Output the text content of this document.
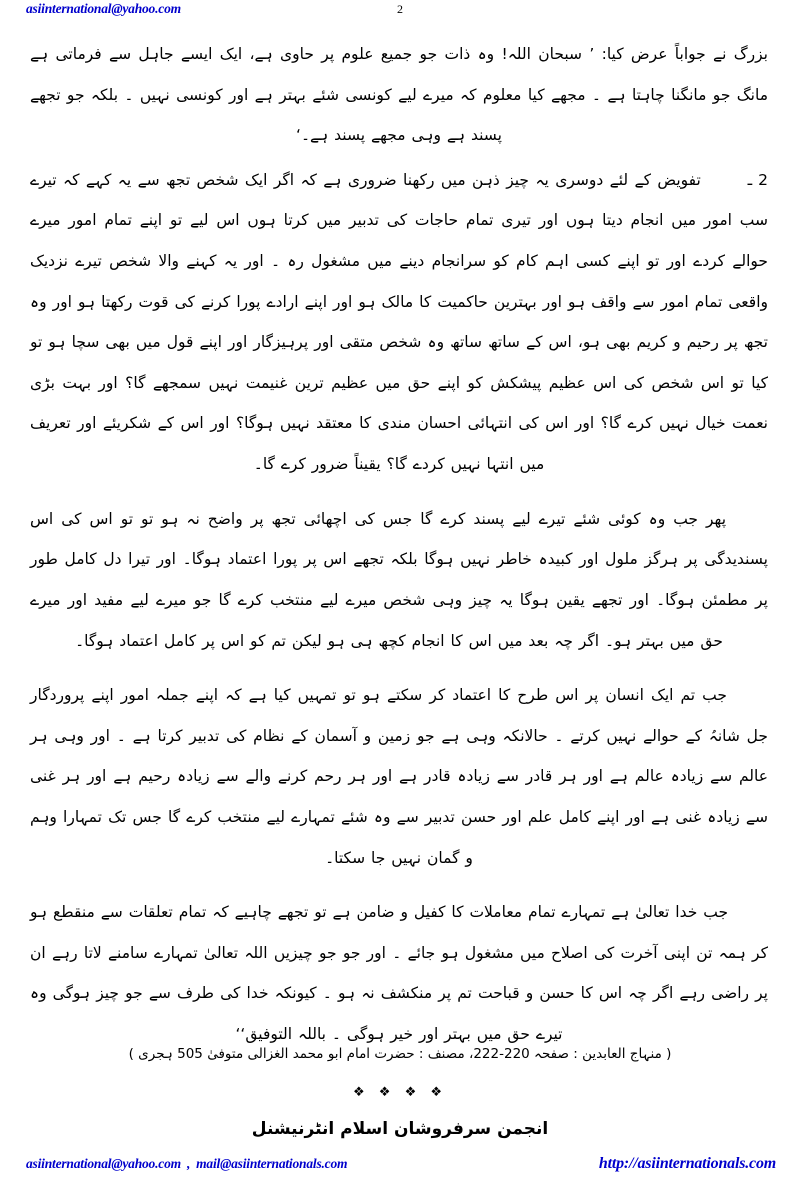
asiinternational@yahoo.com	2

بزرگ نے جواباً عرض کیا: ’ سبحان اللہ! وہ ذات جو جمیع علوم پر حاوی ہے، ایک ایسے جاہل سے فرماتی ہے مانگ جو مانگنا چاہتا ہے ۔ مجھے کیا معلوم کہ میرے لیے کونسی شئے بہتر ہے اور کونسی نہیں ۔ بلکہ جو تجھے پسند ہے وہی مجھے پسند ہے۔‘

2 ـ  تفویض کے لئے دوسری یہ چیز ذہن میں رکھنا ضروری ہے کہ اگر ایک شخص تجھ سے یہ کہے کہ تیرے سب امور میں انجام دیتا ہوں اور تیری تمام حاجات کی تدبیر میں کرتا ہوں اس لیے تو اپنے تمام امور میرے حوالے کردے اور تو اپنے کسی اہم کام کو سرانجام دینے میں مشغول رہ ۔ اور یہ کہنے والا شخص تیرے نزدیک واقعی تمام امور سے واقف ہو اور بہترین حاکمیت کا مالک ہو اور اپنے ارادے پورا کرنے کی قوت رکھتا ہو اور وہ تجھ پر رحیم و کریم بھی ہو، اس کے ساتھ ساتھ وہ شخص متقی اور پرہیزگار اور اپنے قول میں بھی سچا ہو تو کیا تو اس شخص کی اس عظیم پیشکش کو اپنے حق میں عظیم ترین غنیمت نہیں سمجھے گا؟ اور بہت بڑی نعمت خیال نہیں کرے گا؟ اور اس کی انتہائی احسان مندی کا معتقد نہیں ہوگا؟ اور اس کے شکریئے اور تعریف میں انتہا نہیں کردے گا؟ یقیناً ضرور کرے گا۔

پھر جب وہ کوئی شئے تیرے لیے پسند کرے گا جس کی اچھائی تجھ پر واضح نہ ہو تو تو اس کی اس پسندیدگی پر ہرگز ملول اور کبیدہ خاطر نہیں ہوگا بلکہ تجھے اس پر پورا اعتماد ہوگا۔ اور تیرا دل کامل طور پر مطمئن ہوگا۔ اور تجھے یقین ہوگا یہ چیز وہی شخص میرے لیے منتخب کرے گا جو میرے لیے مفید اور میرے حق میں بہتر ہو۔ اگر چہ بعد میں اس کا انجام کچھ ہی ہو لیکن تم کو اس پر کامل اعتماد ہوگا۔

جب تم ایک انسان پر اس طرح کا اعتماد کر سکتے ہو تو تمہیں کیا ہے کہ اپنے جملہ امور اپنے پروردگار جل شانہُ کے حوالے نہیں کرتے ۔ حالانکہ وہی ہے جو زمین و آسمان کے نظام کی تدبیر کرتا ہے ۔ اور وہی ہر عالم سے زیادہ عالم ہے اور ہر قادر سے زیادہ قادر ہے اور ہر رحم کرنے والے سے زیادہ رحیم ہے اور ہر غنی سے زیادہ غنی ہے اور اپنے کامل علم اور حسن تدبیر سے وہ شئے تمہارے لیے منتخب کرے گا جس تک تمہارا وہم و گمان نہیں جا سکتا۔

جب خدا تعالیٰ ہے تمہارے تمام معاملات کا کفیل و ضامن ہے تو تجھے چاہیے کہ تمام تعلقات سے منقطع ہو کر ہمہ تن اپنی آخرت کی اصلاح میں مشغول ہو جائے ۔ اور جو جو چیزیں اللہ تعالیٰ تمہارے سامنے لاتا رہے ان پر راضی رہے اگر چہ اس کا حسن و قباحت تم پر منکشف نہ ہو ۔ کیونکہ خدا کی طرف سے جو چیز ہوگی وہ تیرے حق میں بہتر اور خیر ہوگی ۔ باللہ التوفیق‘‘

( منہاج العابدین : صفحہ 220-222، مصنف : حضرت امام ابو محمد الغزالی متوفیٰ 505 ہجری )
❖ ❖ ❖ ❖
انجمن سرفروشان اسلام انٹرنیشنل
asiinternational@yahoo.com , mail@asiinternationals.com	http://asiinternationals.com
